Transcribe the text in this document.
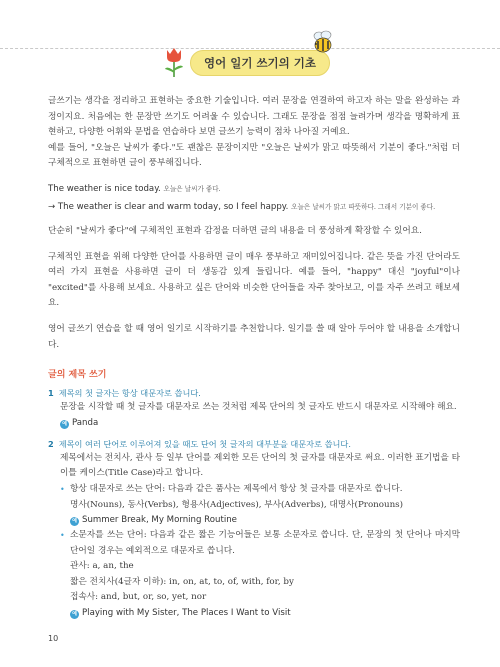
영어 일기 쓰기의 기초

글쓰기는 생각을 정리하고 표현하는 중요한 기술입니다. 여러 문장을 연결하여 하고자 하는 말을 완성하는 과정이지요. 처음에는 한 문장만 쓰기도 어려울 수 있습니다. 그래도 문장을 점점 늘려가며 생각을 명확하게 표현하고, 다양한 어휘와 문법을 연습하다 보면 글쓰기 능력이 점차 나아질 거예요.

예를 들어, "오늘은 날씨가 좋다."도 괜찮은 문장이지만 "오늘은 날씨가 맑고 따뜻해서 기분이 좋다."처럼 더 구체적으로 표현하면 글이 풍부해집니다.

The weather is nice today. 오늘은 날씨가 좋다.
→ The weather is clear and warm today, so I feel happy. 오늘은 날씨가 맑고 따뜻하다. 그래서 기분이 좋다.

단순히 "날씨가 좋다"에 구체적인 표현과 감정을 더하면 글의 내용을 더 풍성하게 확장할 수 있어요.

구체적인 표현을 위해 다양한 단어를 사용하면 글이 매우 풍부하고 재미있어집니다. 같은 뜻을 가진 단어라도 여러 가지 표현을 사용하면 글이 더 생동감 있게 들립니다. 예를 들어, "happy" 대신 "joyful"이나 "excited"를 사용해 보세요. 사용하고 싶은 단어와 비슷한 단어들을 자주 찾아보고, 이를 자주 쓰려고 해보세요.

영어 글쓰기 연습을 할 때 영어 일기로 시작하기를 추천합니다. 일기를 쓸 때 알아 두어야 할 내용을 소개합니다.

글의 제목 쓰기
1 제목의 첫 글자는 항상 대문자로 씁니다.

문장을 시작할 때 첫 글자를 대문자로 쓰는 것처럼 제목 단어의 첫 글자도 반드시 대문자로 시작해야 해요.

예 Panda
2 제목이 여러 단어로 이루어져 있을 때도 단어 첫 글자의 대부분을 대문자로 씁니다.

제목에서는 전치사, 관사 등 일부 단어를 제외한 모든 단어의 첫 글자를 대문자로 써요. 이러한 표기법을 타이틀 케이스(Title Case)라고 합니다.

• 항상 대문자로 쓰는 단어: 다음과 같은 품사는 제목에서 항상 첫 글자를 대문자로 씁니다.

명사(Nouns), 동사(Verbs), 형용사(Adjectives), 부사(Adverbs), 대명사(Pronouns)

예 Summer Break, My Morning Routine
• 소문자를 쓰는 단어: 다음과 같은 짧은 기능어들은 보통 소문자로 씁니다. 단, 문장의 첫 단어나 마지막 단어일 경우는 예외적으로 대문자로 씁니다.

관사: a, an, the

짧은 전치사(4글자 이하): in, on, at, to, of, with, for, by

접속사: and, but, or, so, yet, nor

예 Playing with My Sister, The Places I Want to Visit
10
